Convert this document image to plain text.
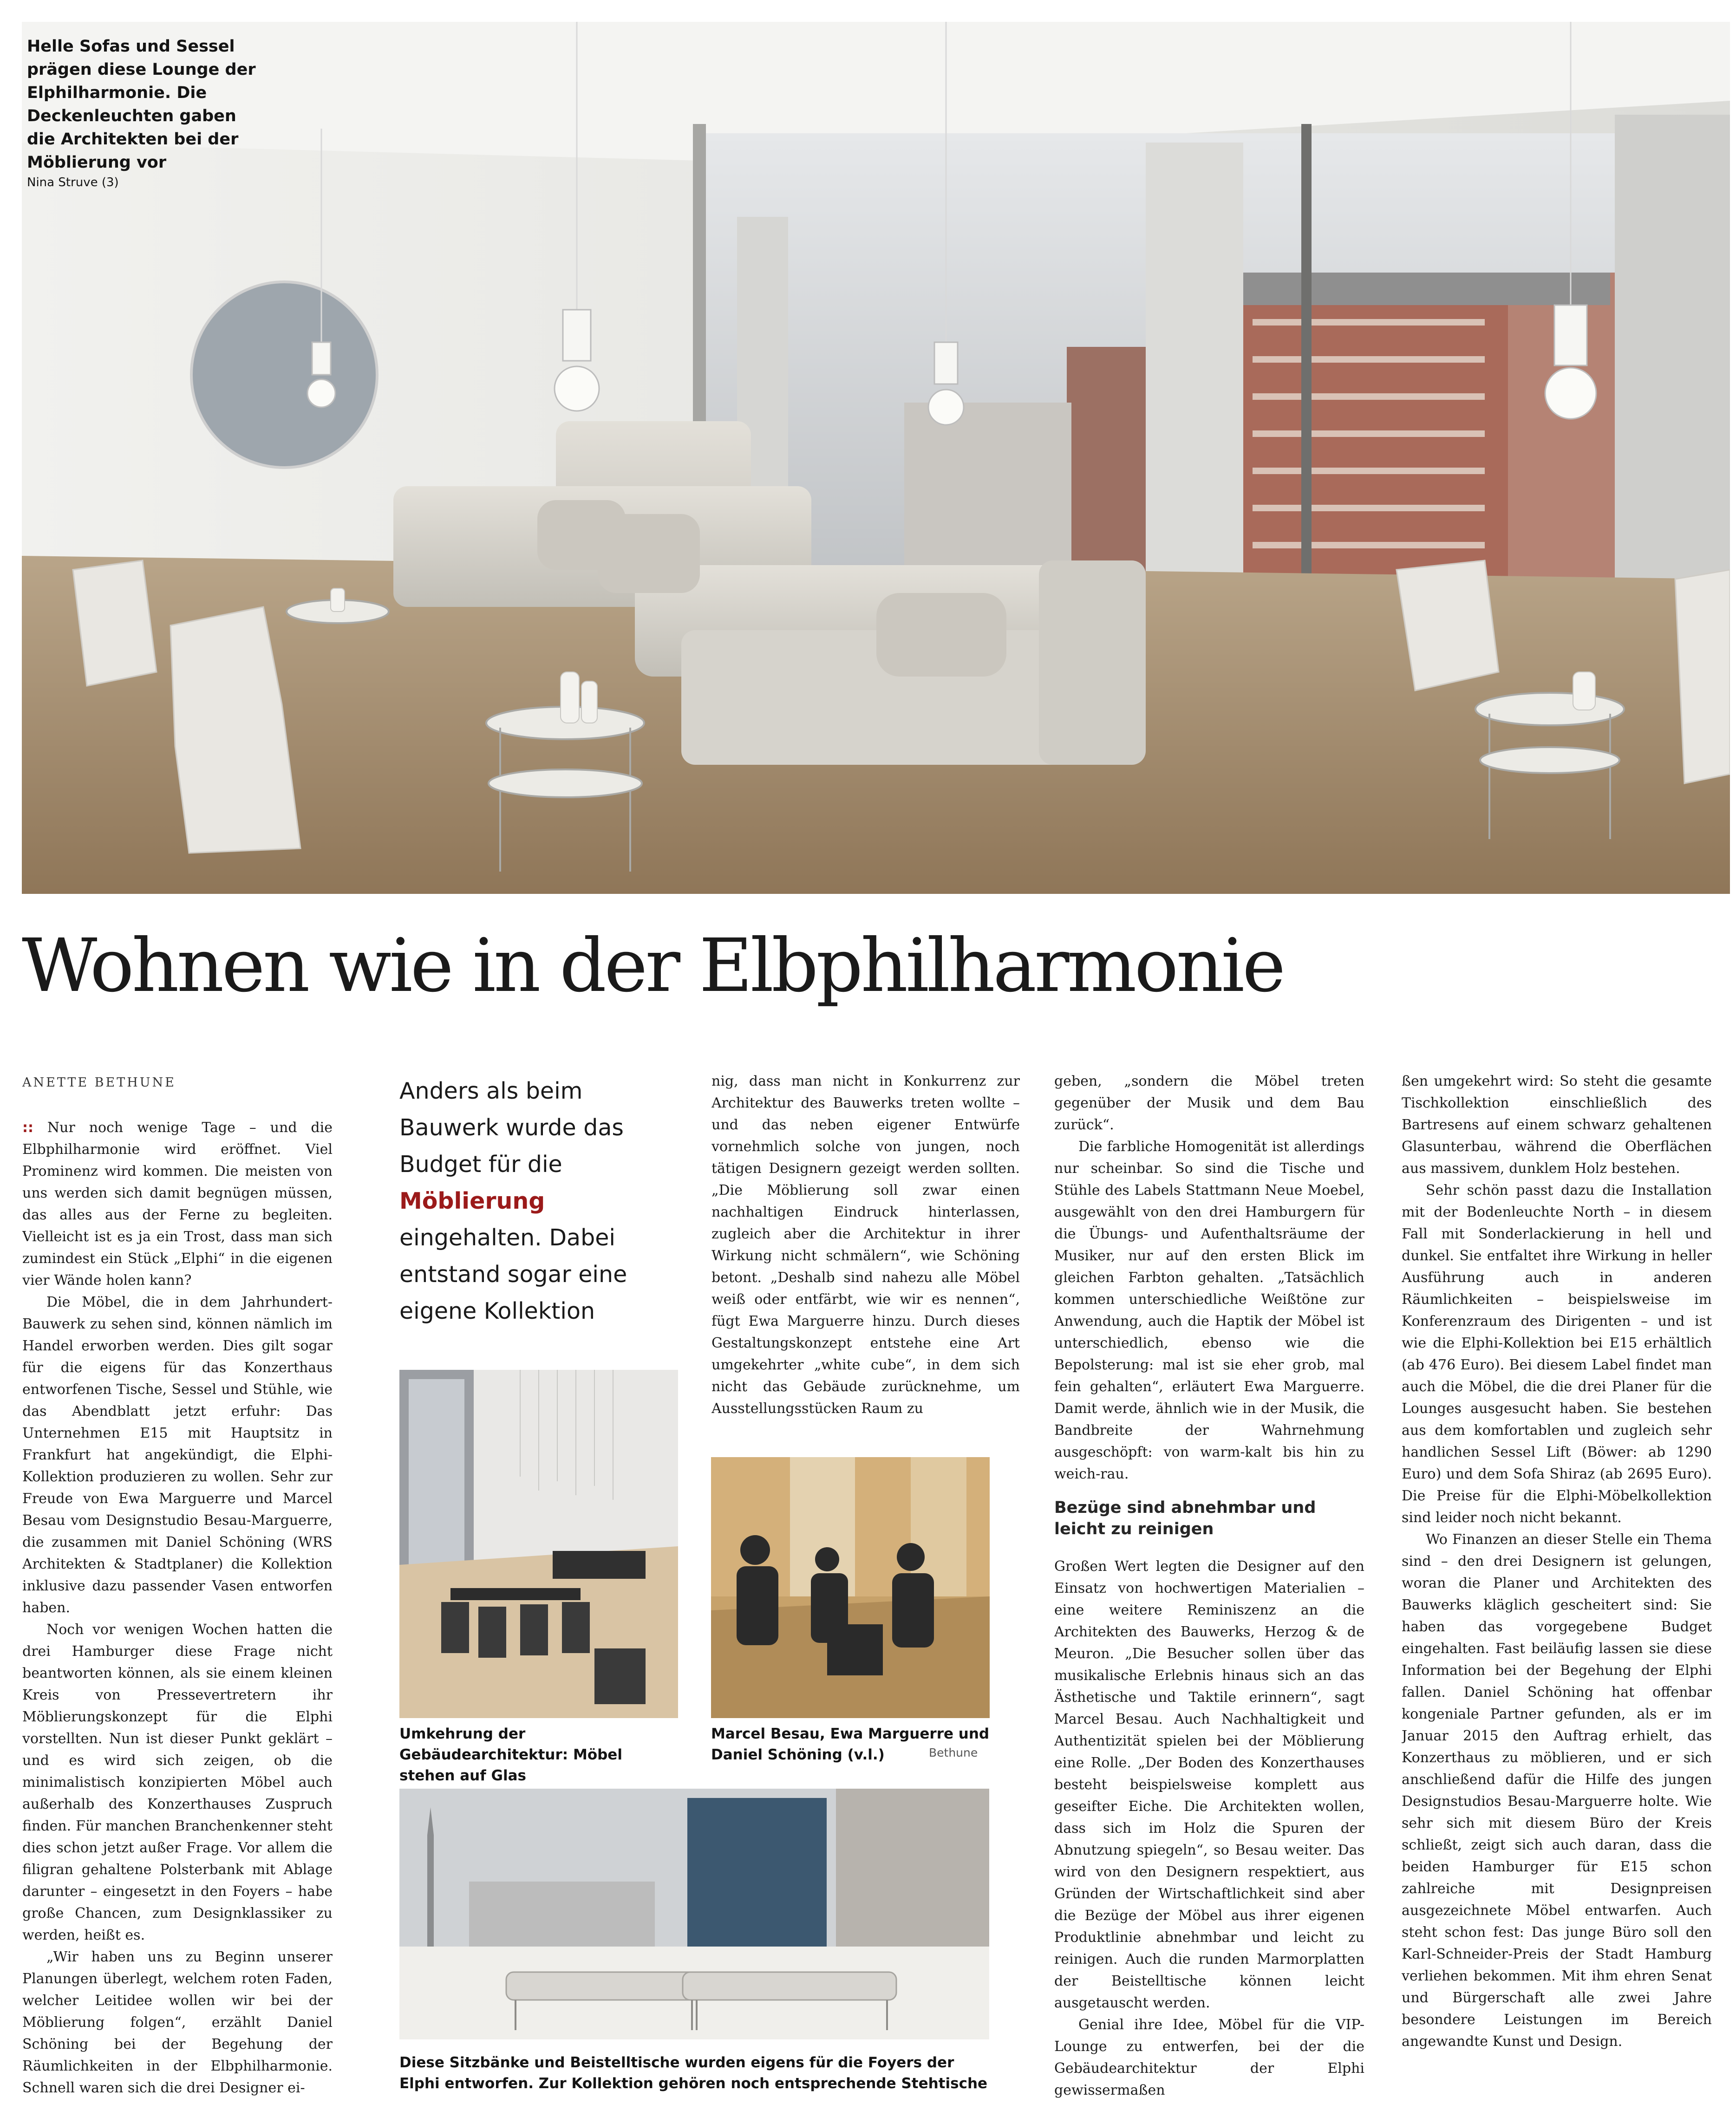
Helle Sofas und Sessel prägen diese Lounge der Elphilharmonie. Die Deckenleuchten gaben die Architekten bei der Möblierung vor

Nina Struve (3)

Wohnen wie in der Elbphilharmonie

ANETTE BETHUNE

:: Nur noch wenige Tage – und die Elbphilharmonie wird eröffnet. Viel Prominenz wird kommen. Die meisten von uns werden sich damit begnügen müssen, das alles aus der Ferne zu begleiten. Vielleicht ist es ja ein Trost, dass man sich zumindest ein Stück „Elphi“ in die eigenen vier Wände holen kann?

Die Möbel, die in dem Jahrhundert-Bauwerk zu sehen sind, können nämlich im Handel erworben werden. Dies gilt sogar für die eigens für das Konzerthaus entworfenen Tische, Sessel und Stühle, wie das Abendblatt jetzt erfuhr: Das Unternehmen E15 mit Hauptsitz in Frankfurt hat angekündigt, die Elphi-Kollektion produzieren zu wollen. Sehr zur Freude von Ewa Marguerre und Marcel Besau vom Designstudio Besau-Marguerre, die zusammen mit Daniel Schöning (WRS Architekten & Stadtplaner) die Kollektion inklusive dazu passender Vasen entworfen haben.

Noch vor wenigen Wochen hatten die drei Hamburger diese Frage nicht beantworten können, als sie einem kleinen Kreis von Pressevertretern ihr Möblierungskonzept für die Elphi vorstellten. Nun ist dieser Punkt geklärt – und es wird sich zeigen, ob die minimalistisch konzipierten Möbel auch außerhalb des Konzerthauses Zuspruch finden. Für manchen Branchenkenner steht dies schon jetzt außer Frage. Vor allem die filigran gehaltene Polsterbank mit Ablage darunter – eingesetzt in den Foyers – habe große Chancen, zum Designklassiker zu werden, heißt es.

„Wir haben uns zu Beginn unserer Planungen überlegt, welchem roten Faden, welcher Leitidee wollen wir bei der Möblierung folgen“, erzählt Daniel Schöning bei der Begehung der Räumlichkeiten in der Elbphilharmonie. Schnell waren sich die drei Designer ei-

Anders als beim Bauwerk wurde das Budget für die Möblierung eingehalten. Dabei entstand sogar eine eigene Kollektion

nig, dass man nicht in Konkurrenz zur Architektur des Bauwerks treten wollte – und das neben eigener Entwürfe vornehmlich solche von jungen, noch tätigen Designern gezeigt werden sollten. „Die Möblierung soll zwar einen nachhaltigen Eindruck hinterlassen, zugleich aber die Architektur in ihrer Wirkung nicht schmälern“, wie Schöning betont. „Deshalb sind nahezu alle Möbel weiß oder entfärbt, wie wir es nennen“, fügt Ewa Marguerre hinzu. Durch dieses Gestaltungskonzept entstehe eine Art umgekehrter „white cube“, in dem sich nicht das Gebäude zurücknehme, um Ausstellungsstücken Raum zu

Umkehrung der Gebäudearchitektur: Möbel stehen auf Glas

Marcel Besau, Ewa Marguerre und Daniel Schöning (v.l.)	Bethune

Diese Sitzbänke und Beistelltische wurden eigens für die Foyers der Elphi entworfen. Zur Kollektion gehören noch entsprechende Stehtische

geben, „sondern die Möbel treten gegenüber der Musik und dem Bau zurück“.

Die farbliche Homogenität ist allerdings nur scheinbar. So sind die Tische und Stühle des Labels Stattmann Neue Moebel, ausgewählt von den drei Hamburgern für die Übungs- und Aufenthaltsräume der Musiker, nur auf den ersten Blick im gleichen Farbton gehalten. „Tatsächlich kommen unterschiedliche Weißtöne zur Anwendung, auch die Haptik der Möbel ist unterschiedlich, ebenso wie die Bepolsterung: mal ist sie eher grob, mal fein gehalten“, erläutert Ewa Marguerre. Damit werde, ähnlich wie in der Musik, die Bandbreite der Wahrnehmung ausgeschöpft: von warm-kalt bis hin zu weich-rau.

Bezüge sind abnehmbar und leicht zu reinigen

Großen Wert legten die Designer auf den Einsatz von hochwertigen Materialien – eine weitere Reminiszenz an die Architekten des Bauwerks, Herzog & de Meuron. „Die Besucher sollen über das musikalische Erlebnis hinaus sich an das Ästhetische und Taktile erinnern“, sagt Marcel Besau. Auch Nachhaltigkeit und Authentizität spielen bei der Möblierung eine Rolle. „Der Boden des Konzerthauses besteht beispielsweise komplett aus geseifter Eiche. Die Architekten wollen, dass sich im Holz die Spuren der Abnutzung spiegeln“, so Besau weiter. Das wird von den Designern respektiert, aus Gründen der Wirtschaftlichkeit sind aber die Bezüge der Möbel aus ihrer eigenen Produktlinie abnehmbar und leicht zu reinigen. Auch die runden Marmorplatten der Beistelltische können leicht ausgetauscht werden.

Genial ihre Idee, Möbel für die VIP-Lounge zu entwerfen, bei der die Gebäudearchitektur der Elphi gewissermaßen

ßen umgekehrt wird: So steht die gesamte Tischkollektion einschließlich des Bartresens auf einem schwarz gehaltenen Glasunterbau, während die Oberflächen aus massivem, dunklem Holz bestehen.

Sehr schön passt dazu die Installation mit der Bodenleuchte North – in diesem Fall mit Sonderlackierung in hell und dunkel. Sie entfaltet ihre Wirkung in heller Ausführung auch in anderen Räumlichkeiten – beispielsweise im Konferenzraum des Dirigenten – und ist wie die Elphi-Kollektion bei E15 erhältlich (ab 476 Euro). Bei diesem Label findet man auch die Möbel, die die drei Planer für die Lounges ausgesucht haben. Sie bestehen aus dem komfortablen und zugleich sehr handlichen Sessel Lift (Böwer: ab 1290 Euro) und dem Sofa Shiraz (ab 2695 Euro). Die Preise für die Elphi-Möbelkollektion sind leider noch nicht bekannt.

Wo Finanzen an dieser Stelle ein Thema sind – den drei Designern ist gelungen, woran die Planer und Architekten des Bauwerks kläglich gescheitert sind: Sie haben das vorgegebene Budget eingehalten. Fast beiläufig lassen sie diese Information bei der Begehung der Elphi fallen. Daniel Schöning hat offenbar kongeniale Partner gefunden, als er im Januar 2015 den Auftrag erhielt, das Konzerthaus zu möblieren, und er sich anschließend dafür die Hilfe des jungen Designstudios Besau-Marguerre holte. Wie sehr sich mit diesem Büro der Kreis schließt, zeigt sich auch daran, dass die beiden Hamburger für E15 schon zahlreiche mit Designpreisen ausgezeichnete Möbel entwarfen. Auch steht schon fest: Das junge Büro soll den Karl-Schneider-Preis der Stadt Hamburg verliehen bekommen. Mit ihm ehren Senat und Bürgerschaft alle zwei Jahre besondere Leistungen im Bereich angewandte Kunst und Design.
